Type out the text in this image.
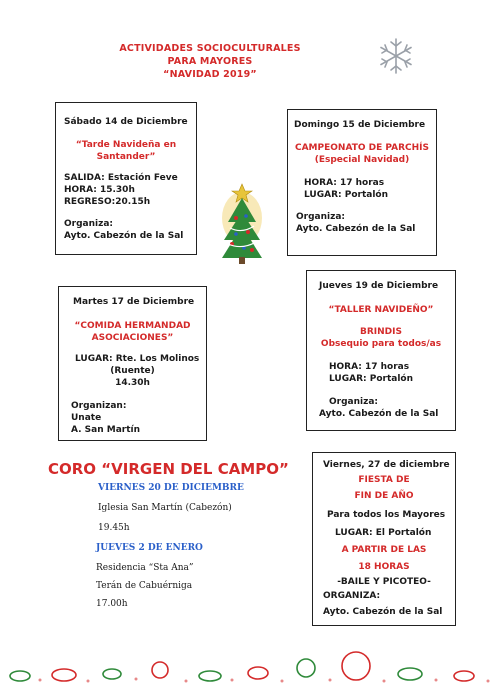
ACTIVIDADES SOCIOCULTURALES
PARA MAYORES
“NAVIDAD 2019”
Sábado 14 de Diciembre
“Tarde Navideña en
Santander”
SALIDA: Estación Feve
HORA: 15.30h
REGRESO:20.15h
Organiza:
Ayto. Cabezón de la Sal
Domingo 15 de Diciembre
CAMPEONATO DE PARCHÍS
(Especial Navidad)
HORA: 17 horas
LUGAR: Portalón
Organiza:
Ayto. Cabezón de la Sal
Martes 17 de Diciembre
“COMIDA HERMANDAD
ASOCIACIONES”
LUGAR: Rte. Los Molinos
(Ruente)
14.30h
Organizan:
Unate
A. San Martín
Jueves 19 de Diciembre
“TALLER NAVIDEÑO”
BRINDIS
Obsequio para todos/as
HORA: 17 horas
LUGAR: Portalón
Organiza:
Ayto. Cabezón de la Sal
CORO “VIRGEN DEL CAMPO”
VIERNES 20 DE DICIEMBRE
Iglesia San Martín (Cabezón)
19.45h
JUEVES 2 DE ENERO
Residencia “Sta Ana”
Terán de Cabuérniga
17.00h
Viernes, 27 de diciembre
FIESTA DE
FIN DE AÑO
Para todos los Mayores
LUGAR: El Portalón
A PARTIR DE LAS
18 HORAS
-BAILE Y PICOTEO-
ORGANIZA:
Ayto. Cabezón de la Sal
